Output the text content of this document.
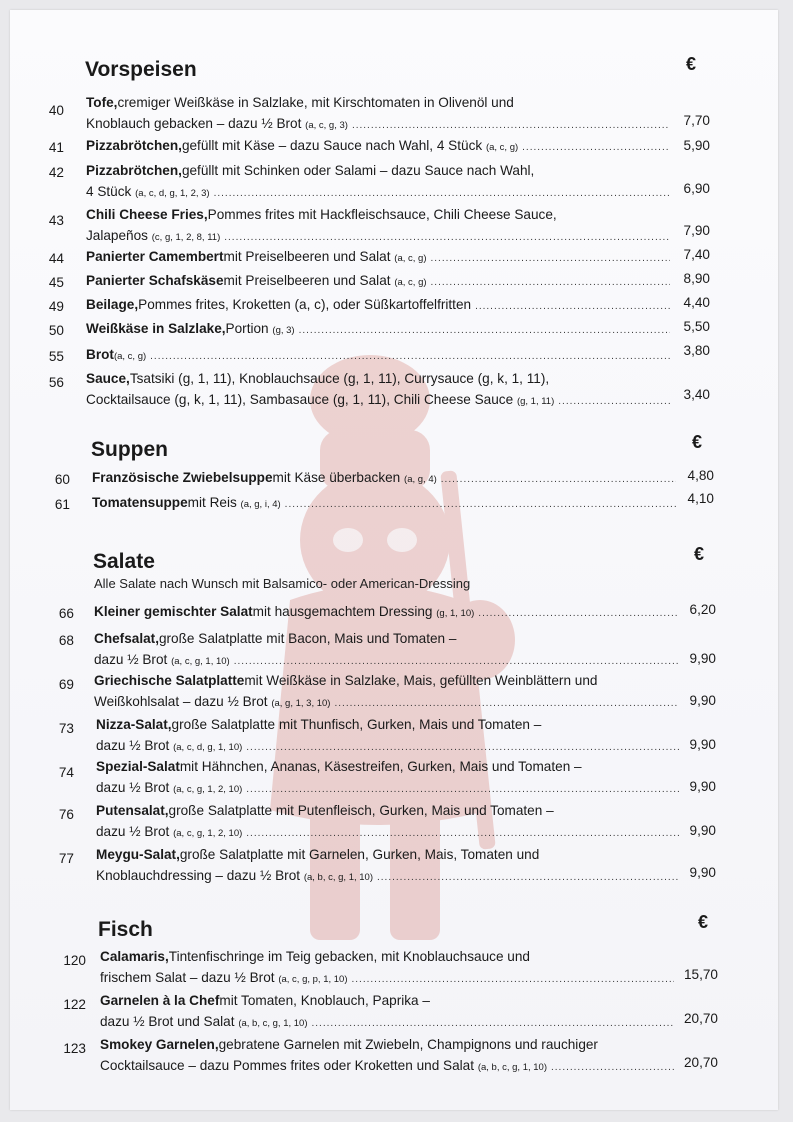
Vorspeisen	€
40
Tofe, cremiger Weißkäse in Salzlake, mit Kirschtomaten in Olivenöl und
Knoblauch gebacken – dazu ½ Brot
(a, c, g, 3) .....	7,70
41 Pizzabrötchen, gefüllt mit Käse – dazu Sauce nach Wahl, 4 Stück
(a, c, g) .....	5,90
42 Pizzabrötchen, gefüllt mit Schinken oder Salami – dazu Sauce nach Wahl,
4 Stück
(a, c, d, g, 1, 2, 3) .....	6,90
43 Chili Cheese Fries, Pommes frites mit Hackfleischsauce, Chili Cheese Sauce,
Jalapeños
(c, g, 1, 2, 8, 11) .....	7,90
44 Panierter Camembert mit Preiselbeeren und Salat
(a, c, g) .....	7,40
45 Panierter Schafskäse mit Preiselbeeren und Salat
(a, c, g) .....	8,90
49 Beilage, Pommes frites, Kroketten (a, c), oder Süßkartoffelfritten .....	4,40
50 Weißkäse in Salzlake, Portion
(g, 3) .....	5,50
55 Brot (a, c, g) .....	3,80
56 Sauce, Tsatsiki (g, 1, 11), Knoblauchsauce (g, 1, 11), Currysauce (g, k, 1, 11),
Cocktailsauce (g, k, 1, 11), Sambasauce (g, 1, 11), Chili Cheese Sauce
(g, 1, 11) .....	3,40
Suppen	€
60 Französische Zwiebelsuppe mit Käse überbacken
(a, g, 4) .....	4,80
61 Tomatensuppe mit Reis
(a, g, i, 4) .....	4,10
Salate	€
Alle Salate nach Wunsch mit Balsamico- oder American-Dressing
66 Kleiner gemischter Salat mit hausgemachtem Dressing
(g, 1, 10) .....	6,20
68 Chefsalat, große Salatplatte mit Bacon, Mais und Tomaten –
dazu ½ Brot
(a, c, g, 1, 10) .....	9,90
69 Griechische Salatplatte mit Weißkäse in Salzlake, Mais, gefüllten Weinblättern und
Weißkohlsalat – dazu ½ Brot
(a, g, 1, 3, 10) .....	9,90
73 Nizza-Salat, große Salatplatte mit Thunfisch, Gurken, Mais und Tomaten –
dazu ½ Brot
(a, c, d, g, 1, 10) .....	9,90
74 Spezial-Salat mit Hähnchen, Ananas, Käsestreifen, Gurken, Mais und Tomaten –
dazu ½ Brot
(a, c, g, 1, 2, 10) .....	9,90
76 Putensalat, große Salatplatte mit Putenfleisch, Gurken, Mais und Tomaten –
dazu ½ Brot
(a, c, g, 1, 2, 10) .....	9,90
77 Meygu-Salat, große Salatplatte mit Garnelen, Gurken, Mais, Tomaten und
Knoblauchdressing – dazu ½ Brot
(a, b, c, g, 1, 10) .....	9,90
Fisch	€
120 Calamaris, Tintenfischringe im Teig gebacken, mit Knoblauchsauce und
frischem Salat – dazu ½ Brot
(a, c, g, p, 1, 10) .....	15,70
122 Garnelen à la Chef mit Tomaten, Knoblauch, Paprika –
dazu ½ Brot und Salat
(a, b, c, g, 1, 10) .....	20,70
123 Smokey Garnelen, gebratene Garnelen mit Zwiebeln, Champignons und rauchiger
Cocktailsauce – dazu Pommes frites oder Kroketten und Salat
(a, b, c, g, 1, 10) .....	20,70
